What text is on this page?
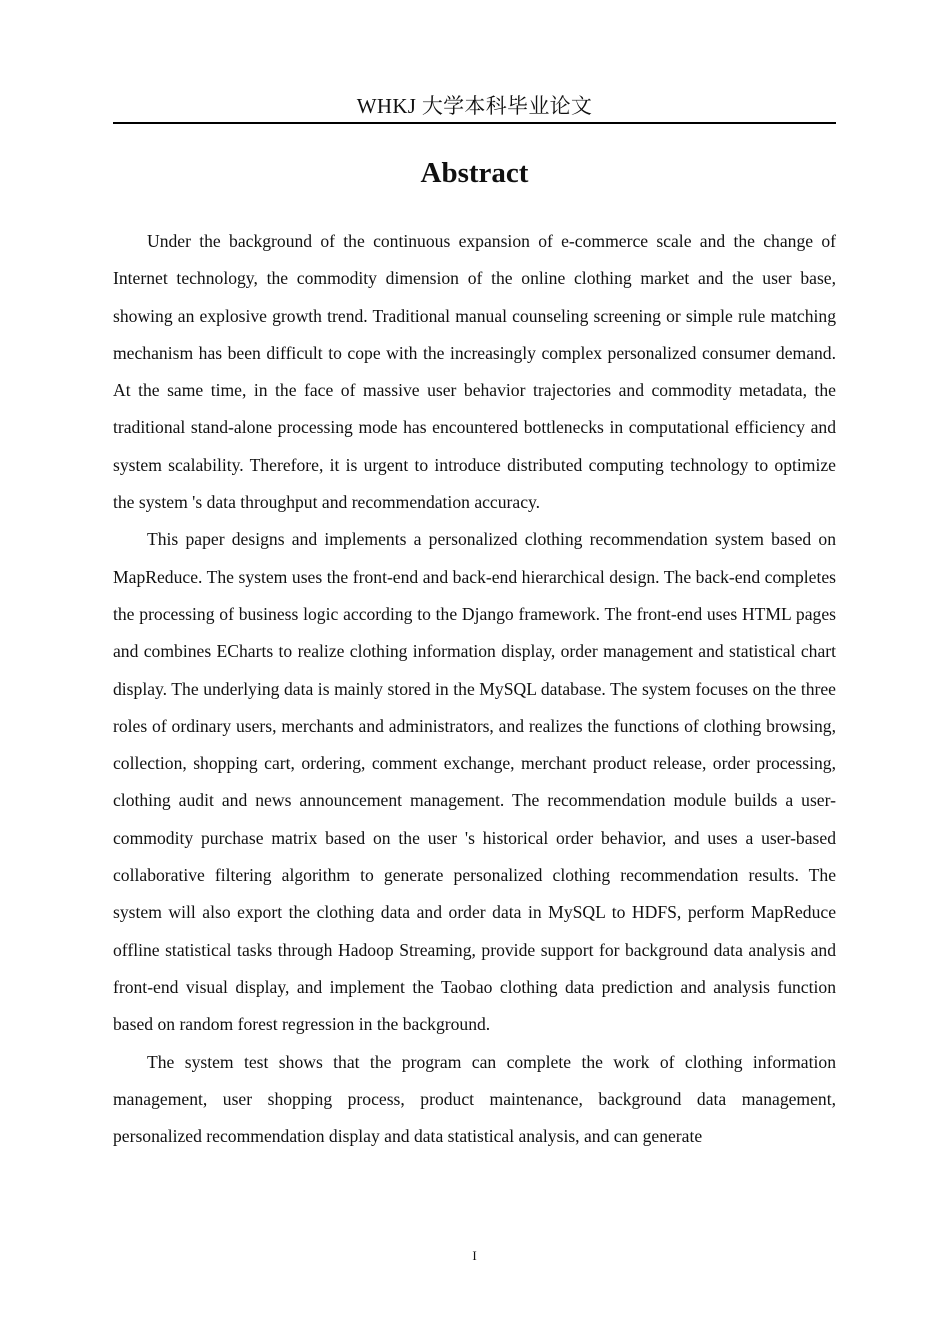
WHKJ 大学本科毕业论文
Abstract

Under the background of the continuous expansion of e-commerce scale and the change of Internet technology, the commodity dimension of the online clothing market and the user base, showing an explosive growth trend. Traditional manual counseling screening or simple rule matching mechanism has been difficult to cope with the increasingly complex personalized consumer demand. At the same time, in the face of massive user behavior trajectories and commodity metadata, the traditional stand-alone processing mode has encountered bottlenecks in computational efficiency and system scalability. Therefore, it is urgent to introduce distributed computing technology to optimize the system 's data throughput and recommendation accuracy.

This paper designs and implements a personalized clothing recommendation system based on MapReduce. The system uses the front-end and back-end hierarchical design. The back-end completes the processing of business logic according to the Django framework. The front-end uses HTML pages and combines ECharts to realize clothing information display, order management and statistical chart display. The underlying data is mainly stored in the MySQL database. The system focuses on the three roles of ordinary users, merchants and administrators, and realizes the functions of clothing browsing, collection, shopping cart, ordering, comment exchange, merchant product release, order processing, clothing audit and news announcement management. The recommendation module builds a user-commodity purchase matrix based on the user 's historical order behavior, and uses a user-based collaborative filtering algorithm to generate personalized clothing recommendation results. The system will also export the clothing data and order data in MySQL to HDFS, perform MapReduce offline statistical tasks through Hadoop Streaming, provide support for background data analysis and front-end visual display, and implement the Taobao clothing data prediction and analysis function based on random forest regression in the background.

The system test shows that the program can complete the work of clothing information management, user shopping process, product maintenance, background data management, personalized recommendation display and data statistical analysis, and can generate

I
